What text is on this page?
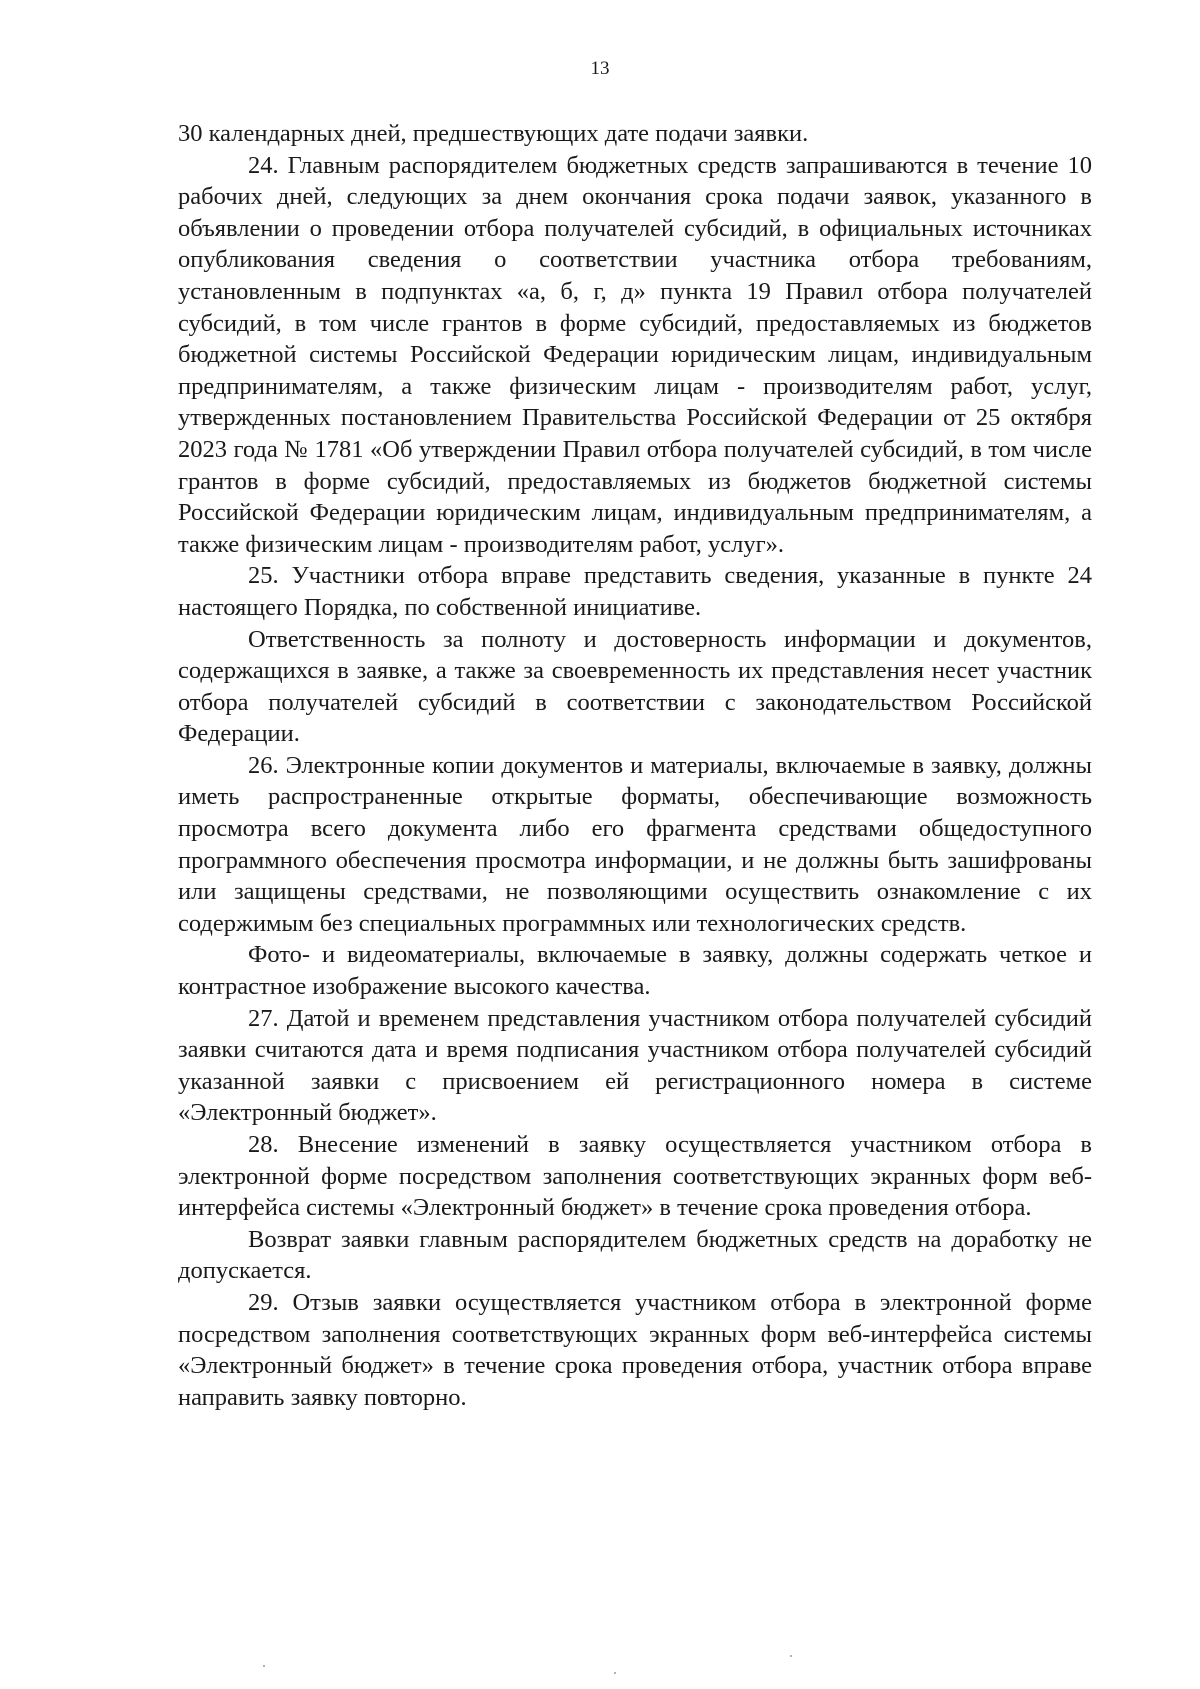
13

30 календарных дней, предшествующих дате подачи заявки.

24. Главным распорядителем бюджетных средств запрашиваются в течение 10 рабочих дней, следующих за днем окончания срока подачи заявок, указанного в объявлении о проведении отбора получателей субсидий, в официальных источниках опубликования сведения о соответствии участника отбора требованиям, установленным в подпунктах «а, б, г, д» пункта 19 Правил отбора получателей субсидий, в том числе грантов в форме субсидий, предоставляемых из бюджетов бюджетной системы Российской Федерации юридическим лицам, индивидуальным предпринимателям, а также физическим лицам - производителям работ, услуг, утвержденных постановлением Правительства Российской Федерации от 25 октября 2023 года № 1781 «Об утверждении Правил отбора получателей субсидий, в том числе грантов в форме субсидий, предоставляемых из бюджетов бюджетной системы Российской Федерации юридическим лицам, индивидуальным предпринимателям, а также физическим лицам - производителям работ, услуг».

25. Участники отбора вправе представить сведения, указанные в пункте 24 настоящего Порядка, по собственной инициативе.

Ответственность за полноту и достоверность информации и документов, содержащихся в заявке, а также за своевременность их представления несет участник отбора получателей субсидий в соответствии с законодательством Российской Федерации.

26. Электронные копии документов и материалы, включаемые в заявку, должны иметь распространенные открытые форматы, обеспечивающие возможность просмотра всего документа либо его фрагмента средствами общедоступного программного обеспечения просмотра информации, и не должны быть зашифрованы или защищены средствами, не позволяющими осуществить ознакомление с их содержимым без специальных программных или технологических средств.

Фото- и видеоматериалы, включаемые в заявку, должны содержать четкое и контрастное изображение высокого качества.

27. Датой и временем представления участником отбора получателей субсидий заявки считаются дата и время подписания участником отбора получателей субсидий указанной заявки с присвоением ей регистрационного номера в системе «Электронный бюджет».

28. Внесение изменений в заявку осуществляется участником отбора в электронной форме посредством заполнения соответствующих экранных форм веб-интерфейса системы «Электронный бюджет» в течение срока проведения отбора.

Возврат заявки главным распорядителем бюджетных средств на доработку не допускается.

29. Отзыв заявки осуществляется участником отбора в электронной форме посредством заполнения соответствующих экранных форм веб-интерфейса системы «Электронный бюджет» в течение срока проведения отбора, участник отбора вправе направить заявку повторно.
